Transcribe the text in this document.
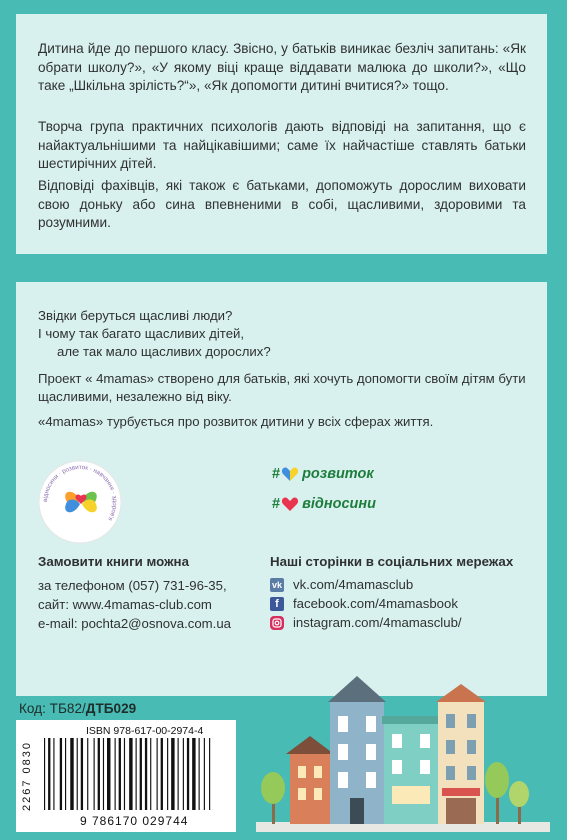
Дитина йде до першого класу. Звісно, у батьків виникає безліч запитань: «Як обрати школу?», «У якому віці краще віддавати малюка до школи?», «Що таке „Шкільна зрілість?“», «Як допомогти дитині вчитися?» тощо.

Творча група практичних психологів дають відповіді на запитання, що є найактуальнішими та найцікавішими; саме їх найчастіше ставлять батьки шестирічних дітей.

Відповіді фахівців, які також є батьками, допоможуть дорослим виховати свою доньку або сина впевненими в собі, щасливими, здоровими та розумними.

Звідки беруться щасливі люди?

І чому так багато щасливих дітей,

але так мало щасливих дорослих?

Проект « 4mamas» створено для батьків, які хочуть допомогти своїм дітям бути щасливими, незалежно від віку.

«4mamas» турбується про розвиток дитини у всіх сферах життя.

відносини · розвиток · навчання · здоров'я
# розвиток
# відносини
Замовити книги можна
за телефоном (057) 731-96-35,
сайт: www.4mamas-club.com
e-mail: pochta2@osnova.com.ua
Наші сторінки в соціальних мережах
vk vk.com/4mamasclub
f	facebook.com/4mamasbook
instagram.com/4mamasclub/
Код: ТБ82/ДТБ029
2267 0830
ISBN 978-617-00-2974-4
9 786170 029744
